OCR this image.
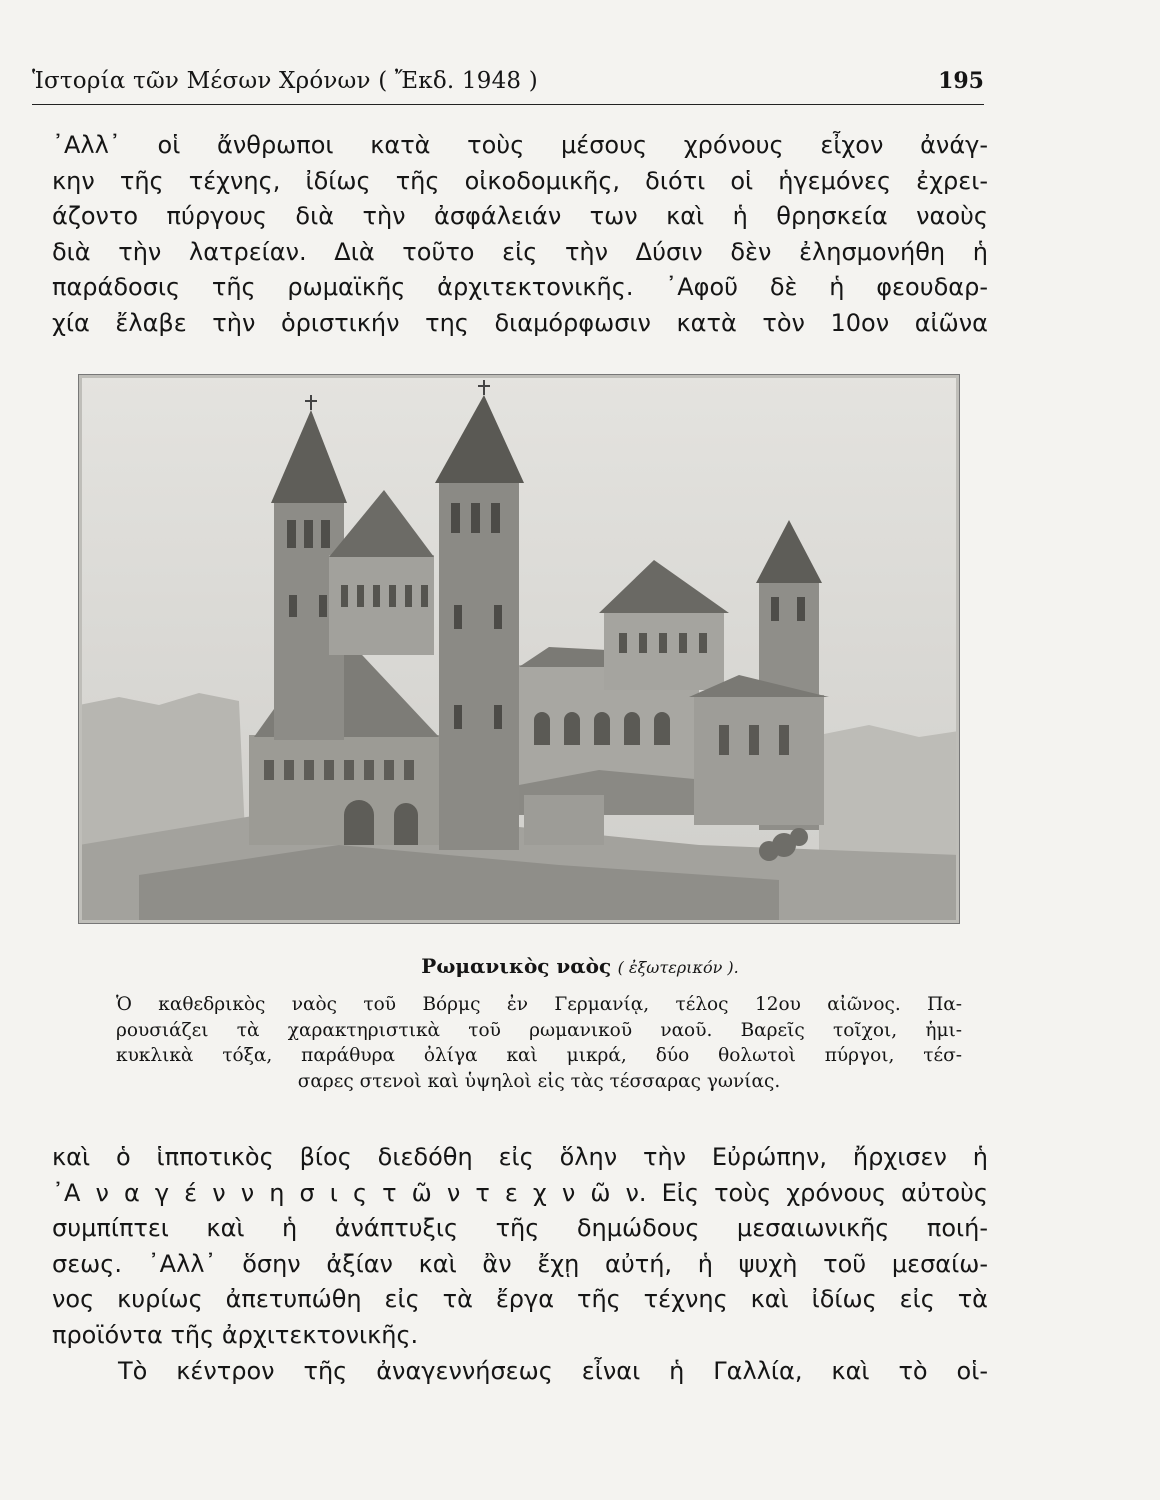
Ἱστορία τῶν Μέσων Χρόνων ( Ἔκδ. 1948 )	195
᾿Αλλ᾿ οἱ ἄνθρωποι κατὰ τοὺς μέσους χρόνους εἶχον ἀνάγ-
κην τῆς τέχνης, ἰδίως τῆς οἰκοδομικῆς, διότι οἱ ἡγεμόνες ἐχρει-
άζοντο πύργους διὰ τὴν ἀσφάλειάν των καὶ ἡ θρησκεία ναοὺς
διὰ τὴν λατρείαν. Διὰ τοῦτο εἰς τὴν Δύσιν δὲν ἐλησμονήθη ἡ
παράδοσις τῆς ρωμαϊκῆς ἀρχιτεκτονικῆς. ᾿Αφοῦ δὲ ἡ φεουδαρ-
χία ἔλαβε τὴν ὁριστικήν της διαμόρφωσιν κατὰ τὸν 10ον αἰῶνα
Ρωμανικὸς ναὸς ( ἐξωτερικόν ).
Ὁ καθεδρικὸς ναὸς τοῦ Βόρμς ἐν Γερμανίᾳ, τέλος 12ου αἰῶνος. Πα-
ρουσιάζει τὰ χαρακτηριστικὰ τοῦ ρωμανικοῦ ναοῦ. Βαρεῖς τοῖχοι, ἡμι-
κυκλικὰ τόξα, παράθυρα ὀλίγα καὶ μικρά, δύο θολωτοὶ πύργοι, τέσ-
σαρες στενοὶ καὶ ὑψηλοὶ εἰς τὰς τέσσαρας γωνίας.
καὶ ὁ ἱπποτικὸς βίος διεδόθη εἰς ὅλην τὴν Εὐρώπην, ἤρχισεν ἡ
᾿Α ν α γ έ ν ν η σ ι ς τ ῶ ν τ ε χ ν ῶ ν. Εἰς τοὺς χρόνους αὐτοὺς
συμπίπτει καὶ ἡ ἀνάπτυξις τῆς δημώδους μεσαιωνικῆς ποιή-
σεως. ᾿Αλλ᾿ ὅσην ἀξίαν καὶ ἂν ἔχῃ αὐτή, ἡ ψυχὴ τοῦ μεσαίω-
νος κυρίως ἀπετυπώθη εἰς τὰ ἔργα τῆς τέχνης καὶ ἰδίως εἰς τὰ
προϊόντα τῆς ἀρχιτεκτονικῆς.
Τὸ κέντρον τῆς ἀναγεννήσεως εἶναι ἡ Γαλλία, καὶ τὸ οἱ-
